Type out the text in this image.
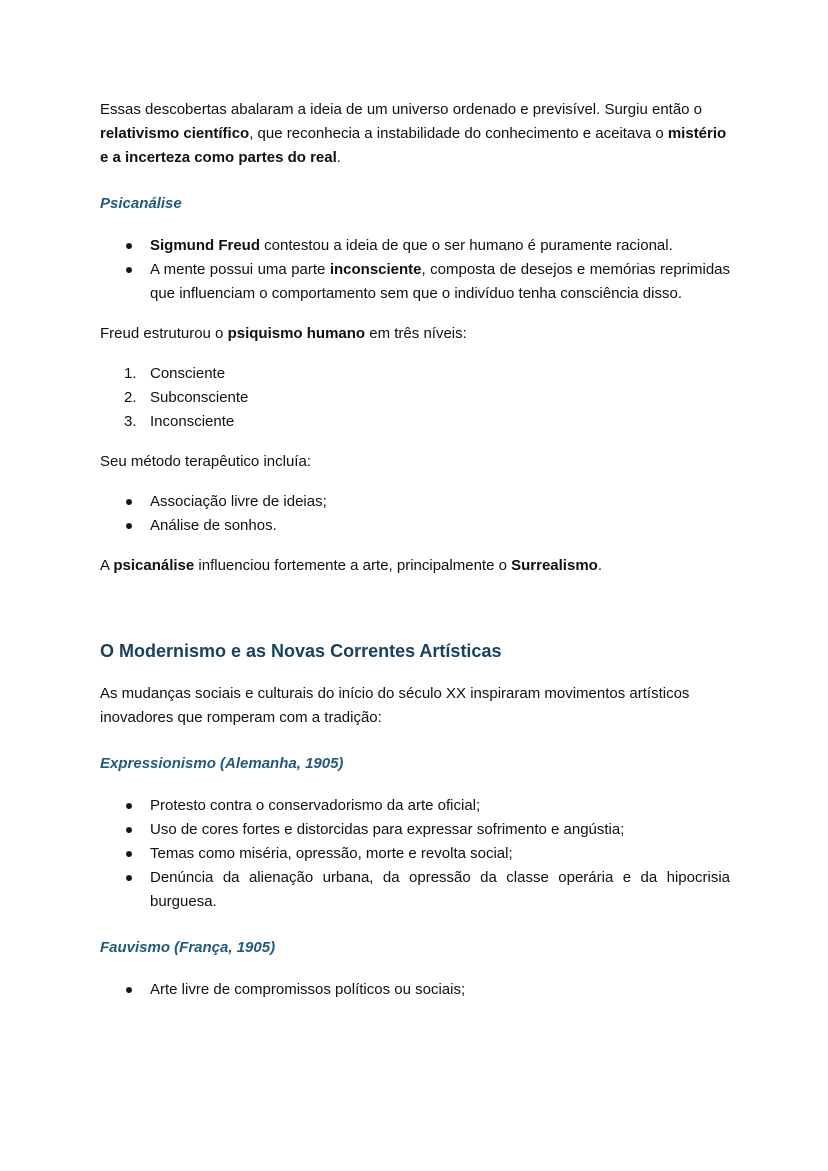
Essas descobertas abalaram a ideia de um universo ordenado e previsível. Surgiu então o relativismo científico, que reconhecia a instabilidade do conhecimento e aceitava o mistério e a incerteza como partes do real.

Psicanálise

Sigmund Freud contestou a ideia de que o ser humano é puramente racional.
A mente possui uma parte inconsciente, composta de desejos e memórias reprimidas que influenciam o comportamento sem que o indivíduo tenha consciência disso.

Freud estruturou o psiquismo humano em três níveis:

1. Consciente
2. Subconsciente
3. Inconsciente

Seu método terapêutico incluía:

Associação livre de ideias;
Análise de sonhos.

A psicanálise influenciou fortemente a arte, principalmente o Surrealismo.

O Modernismo e as Novas Correntes Artísticas

As mudanças sociais e culturais do início do século XX inspiraram movimentos artísticos inovadores que romperam com a tradição:

Expressionismo (Alemanha, 1905)

Protesto contra o conservadorismo da arte oficial;
Uso de cores fortes e distorcidas para expressar sofrimento e angústia;
Temas como miséria, opressão, morte e revolta social;
Denúncia da alienação urbana, da opressão da classe operária e da hipocrisia burguesa.

Fauvismo (França, 1905)

Arte livre de compromissos políticos ou sociais;
